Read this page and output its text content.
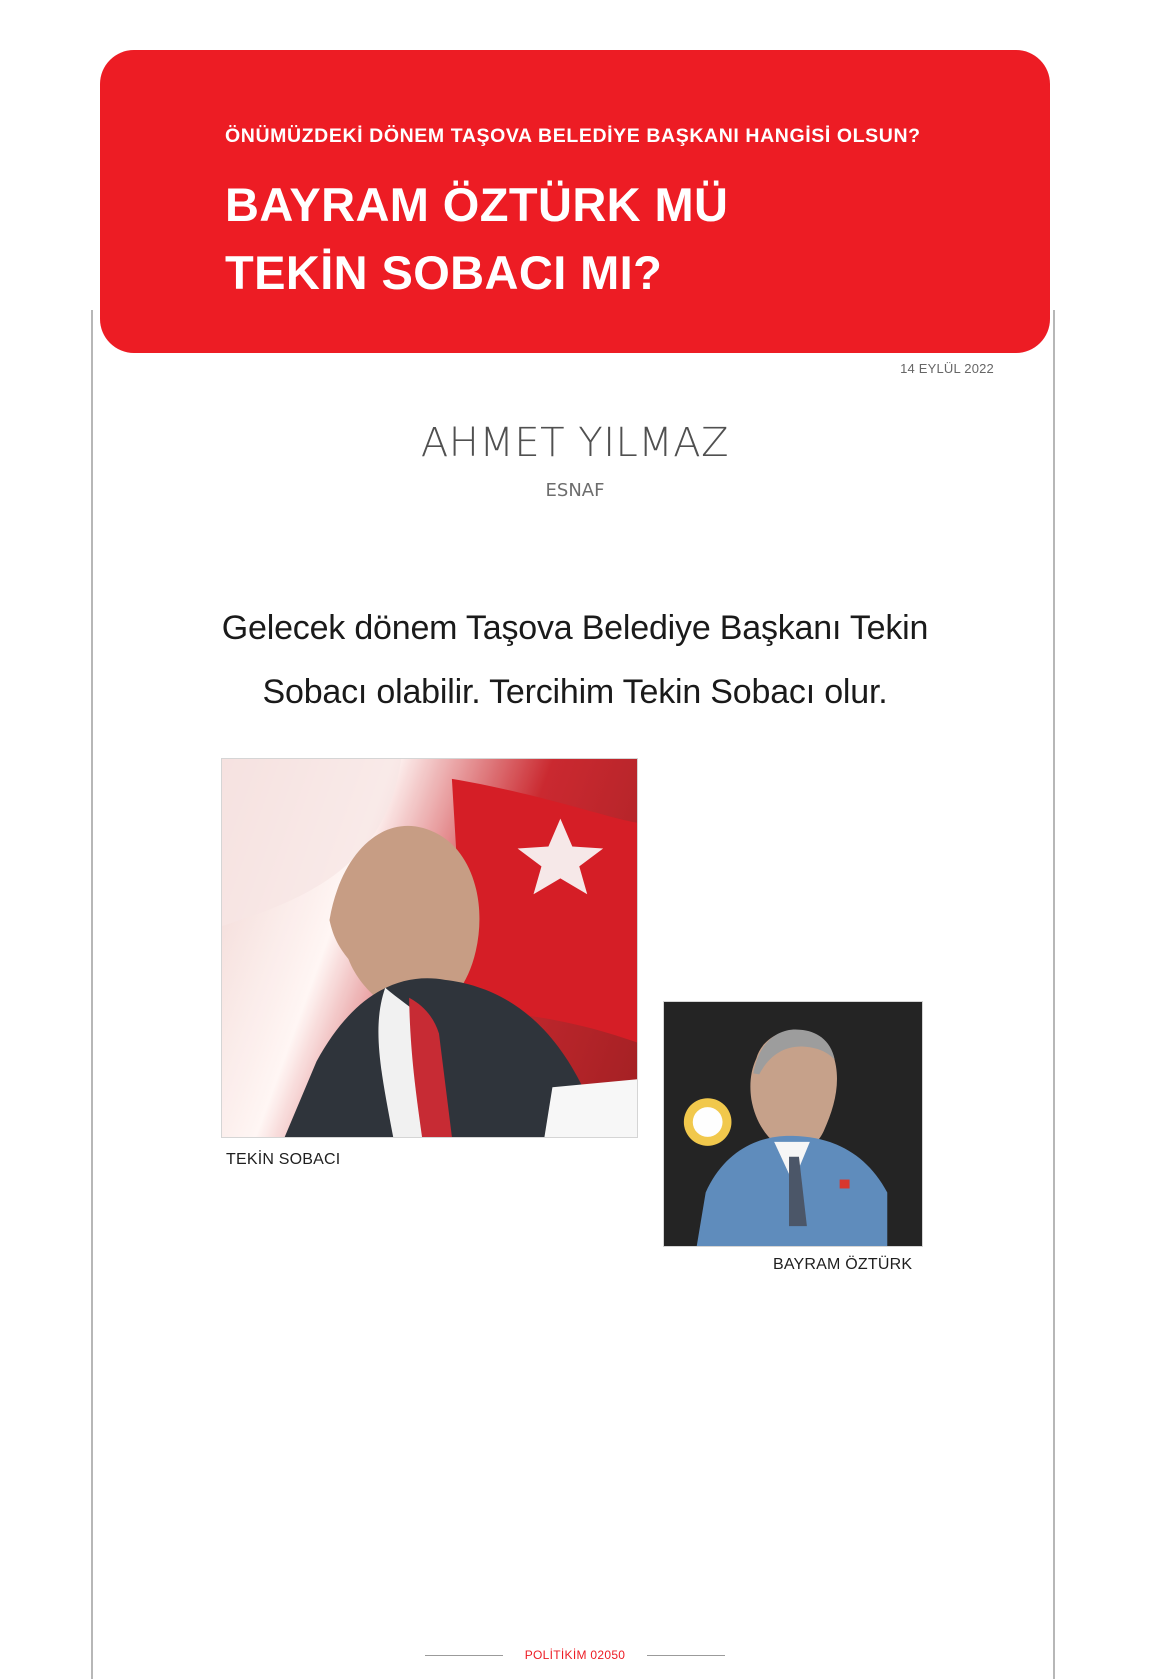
ÖNÜMÜZDEKİ DÖNEM TAŞOVA BELEDİYE BAŞKANI HANGİSİ OLSUN?
BAYRAM ÖZTÜRK MÜ
TEKİN SOBACI MI?
14 EYLÜL 2022
AHMET YILMAZ
ESNAF
Gelecek dönem Taşova Belediye Başkanı Tekin
Sobacı olabilir. Tercihim Tekin Sobacı olur.
TEKİN SOBACI
BAYRAM ÖZTÜRK
POLİTİKİM 02050
